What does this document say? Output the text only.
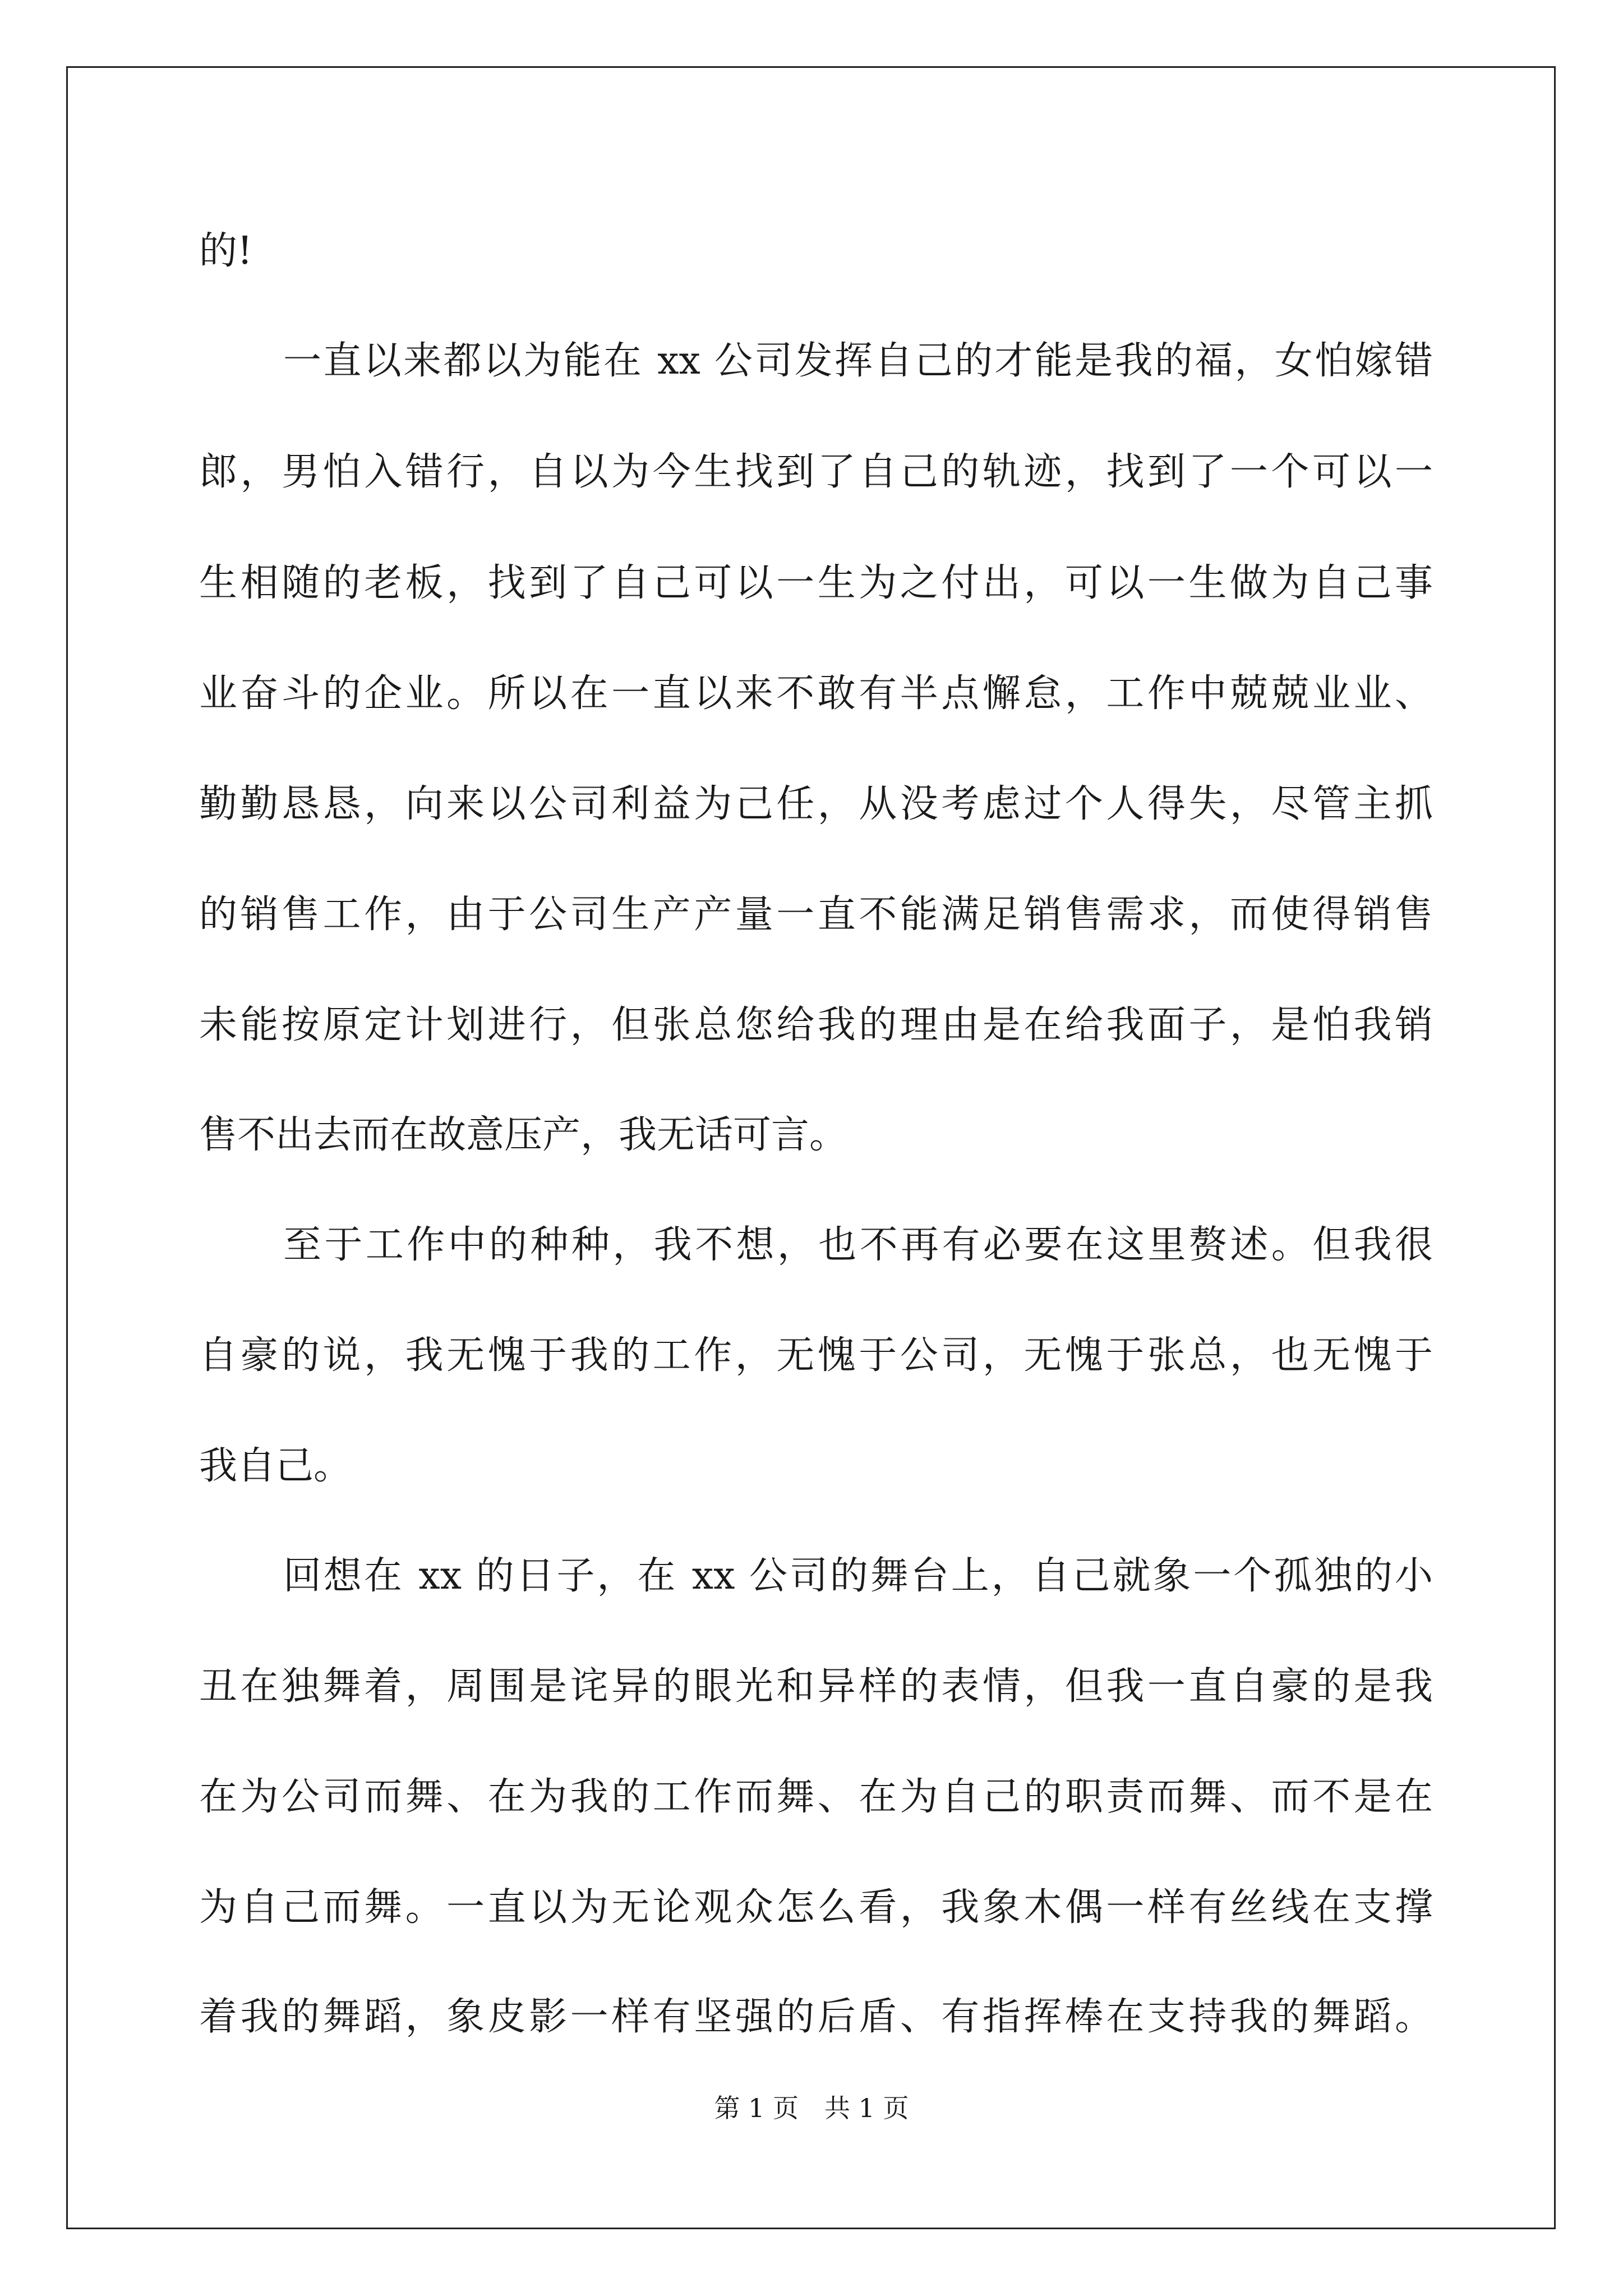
的!

一直以来都以为能在 xx 公司发挥自己的才能是我的福，女怕嫁错

郎，男怕入错行，自以为今生找到了自己的轨迹，找到了一个可以一

生相随的老板，找到了自己可以一生为之付出，可以一生做为自己事

业奋斗的企业。所以在一直以来不敢有半点懈怠，工作中兢兢业业、

勤勤恳恳，向来以公司利益为己任，从没考虑过个人得失，尽管主抓

的销售工作，由于公司生产产量一直不能满足销售需求，而使得销售

未能按原定计划进行，但张总您给我的理由是在给我面子，是怕我销

售不出去而在故意压产，我无话可言。

至于工作中的种种，我不想，也不再有必要在这里赘述。但我很

自豪的说，我无愧于我的工作，无愧于公司，无愧于张总，也无愧于

我自己。

回想在 xx 的日子，在 xx 公司的舞台上，自己就象一个孤独的小

丑在独舞着，周围是诧异的眼光和异样的表情，但我一直自豪的是我

在为公司而舞、在为我的工作而舞、在为自己的职责而舞、而不是在

为自己而舞。一直以为无论观众怎么看，我象木偶一样有丝线在支撑

着我的舞蹈，象皮影一样有坚强的后盾、有指挥棒在支持我的舞蹈。

第 1 页　共 1 页
